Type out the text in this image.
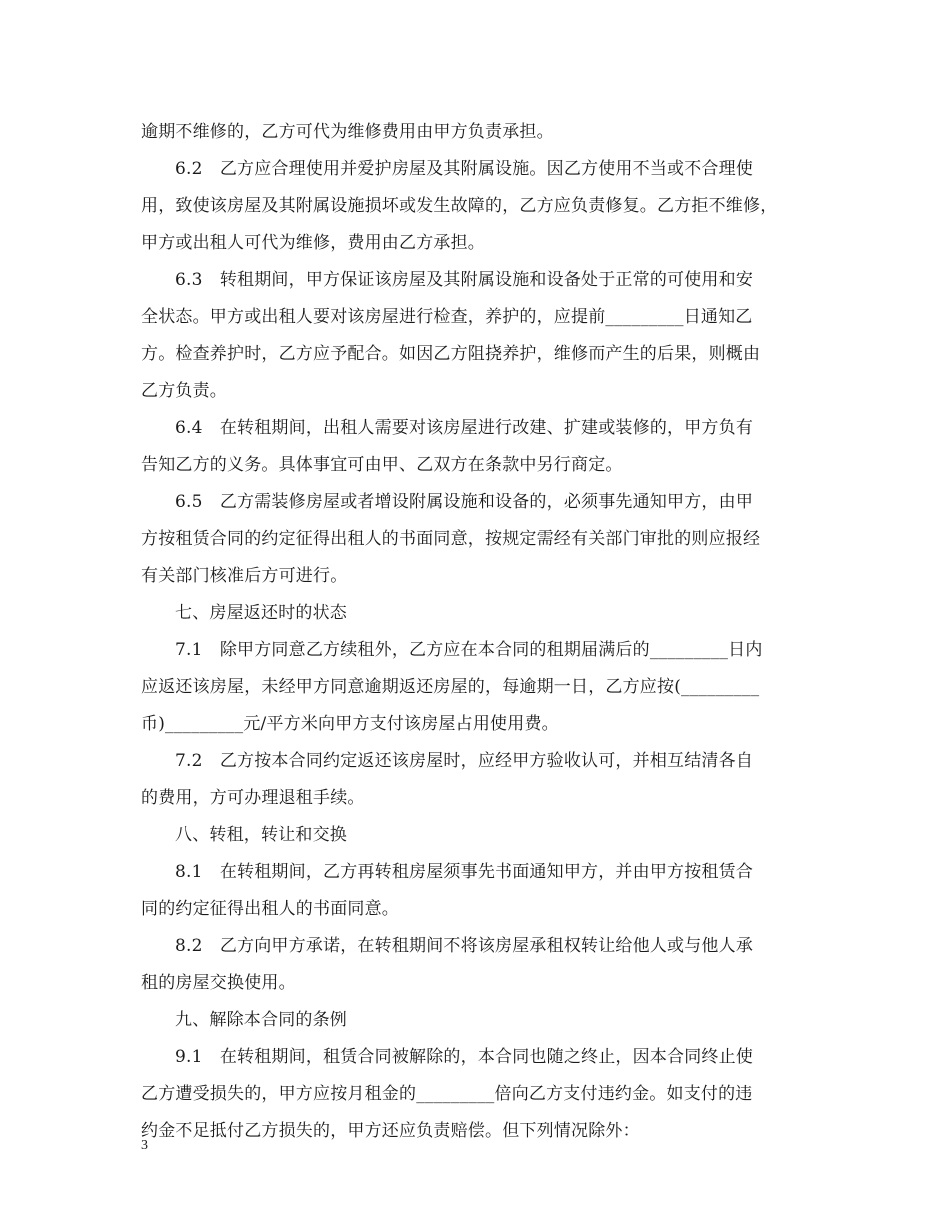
逾期不维修的，乙方可代为维修费用由甲方负责承担。
6.2　乙方应合理使用并爱护房屋及其附属设施。因乙方使用不当或不合理使
用，致使该房屋及其附属设施损坏或发生故障的，乙方应负责修复。乙方拒不维修，
甲方或出租人可代为维修，费用由乙方承担。
6.3　转租期间，甲方保证该房屋及其附属设施和设备处于正常的可使用和安
全状态。甲方或出租人要对该房屋进行检查，养护的，应提前_________日通知乙
方。检查养护时，乙方应予配合。如因乙方阻挠养护，维修而产生的后果，则概由
乙方负责。
6.4　在转租期间，出租人需要对该房屋进行改建、扩建或装修的，甲方负有
告知乙方的义务。具体事宜可由甲、乙双方在条款中另行商定。
6.5　乙方需装修房屋或者增设附属设施和设备的，必须事先通知甲方，由甲
方按租赁合同的约定征得出租人的书面同意，按规定需经有关部门审批的则应报经
有关部门核准后方可进行。
七、房屋返还时的状态
7.1　除甲方同意乙方续租外，乙方应在本合同的租期届满后的_________日内
应返还该房屋，未经甲方同意逾期返还房屋的，每逾期一日，乙方应按(_________
币)_________元/平方米向甲方支付该房屋占用使用费。
7.2　乙方按本合同约定返还该房屋时，应经甲方验收认可，并相互结清各自
的费用，方可办理退租手续。
八、转租，转让和交换
8.1　在转租期间，乙方再转租房屋须事先书面通知甲方，并由甲方按租赁合
同的约定征得出租人的书面同意。
8.2　乙方向甲方承诺，在转租期间不将该房屋承租权转让给他人或与他人承
租的房屋交换使用。
九、解除本合同的条例
9.1　在转租期间，租赁合同被解除的，本合同也随之终止，因本合同终止使
乙方遭受损失的，甲方应按月租金的_________倍向乙方支付违约金。如支付的违
约金不足抵付乙方损失的，甲方还应负责赔偿。但下列情况除外：
3
